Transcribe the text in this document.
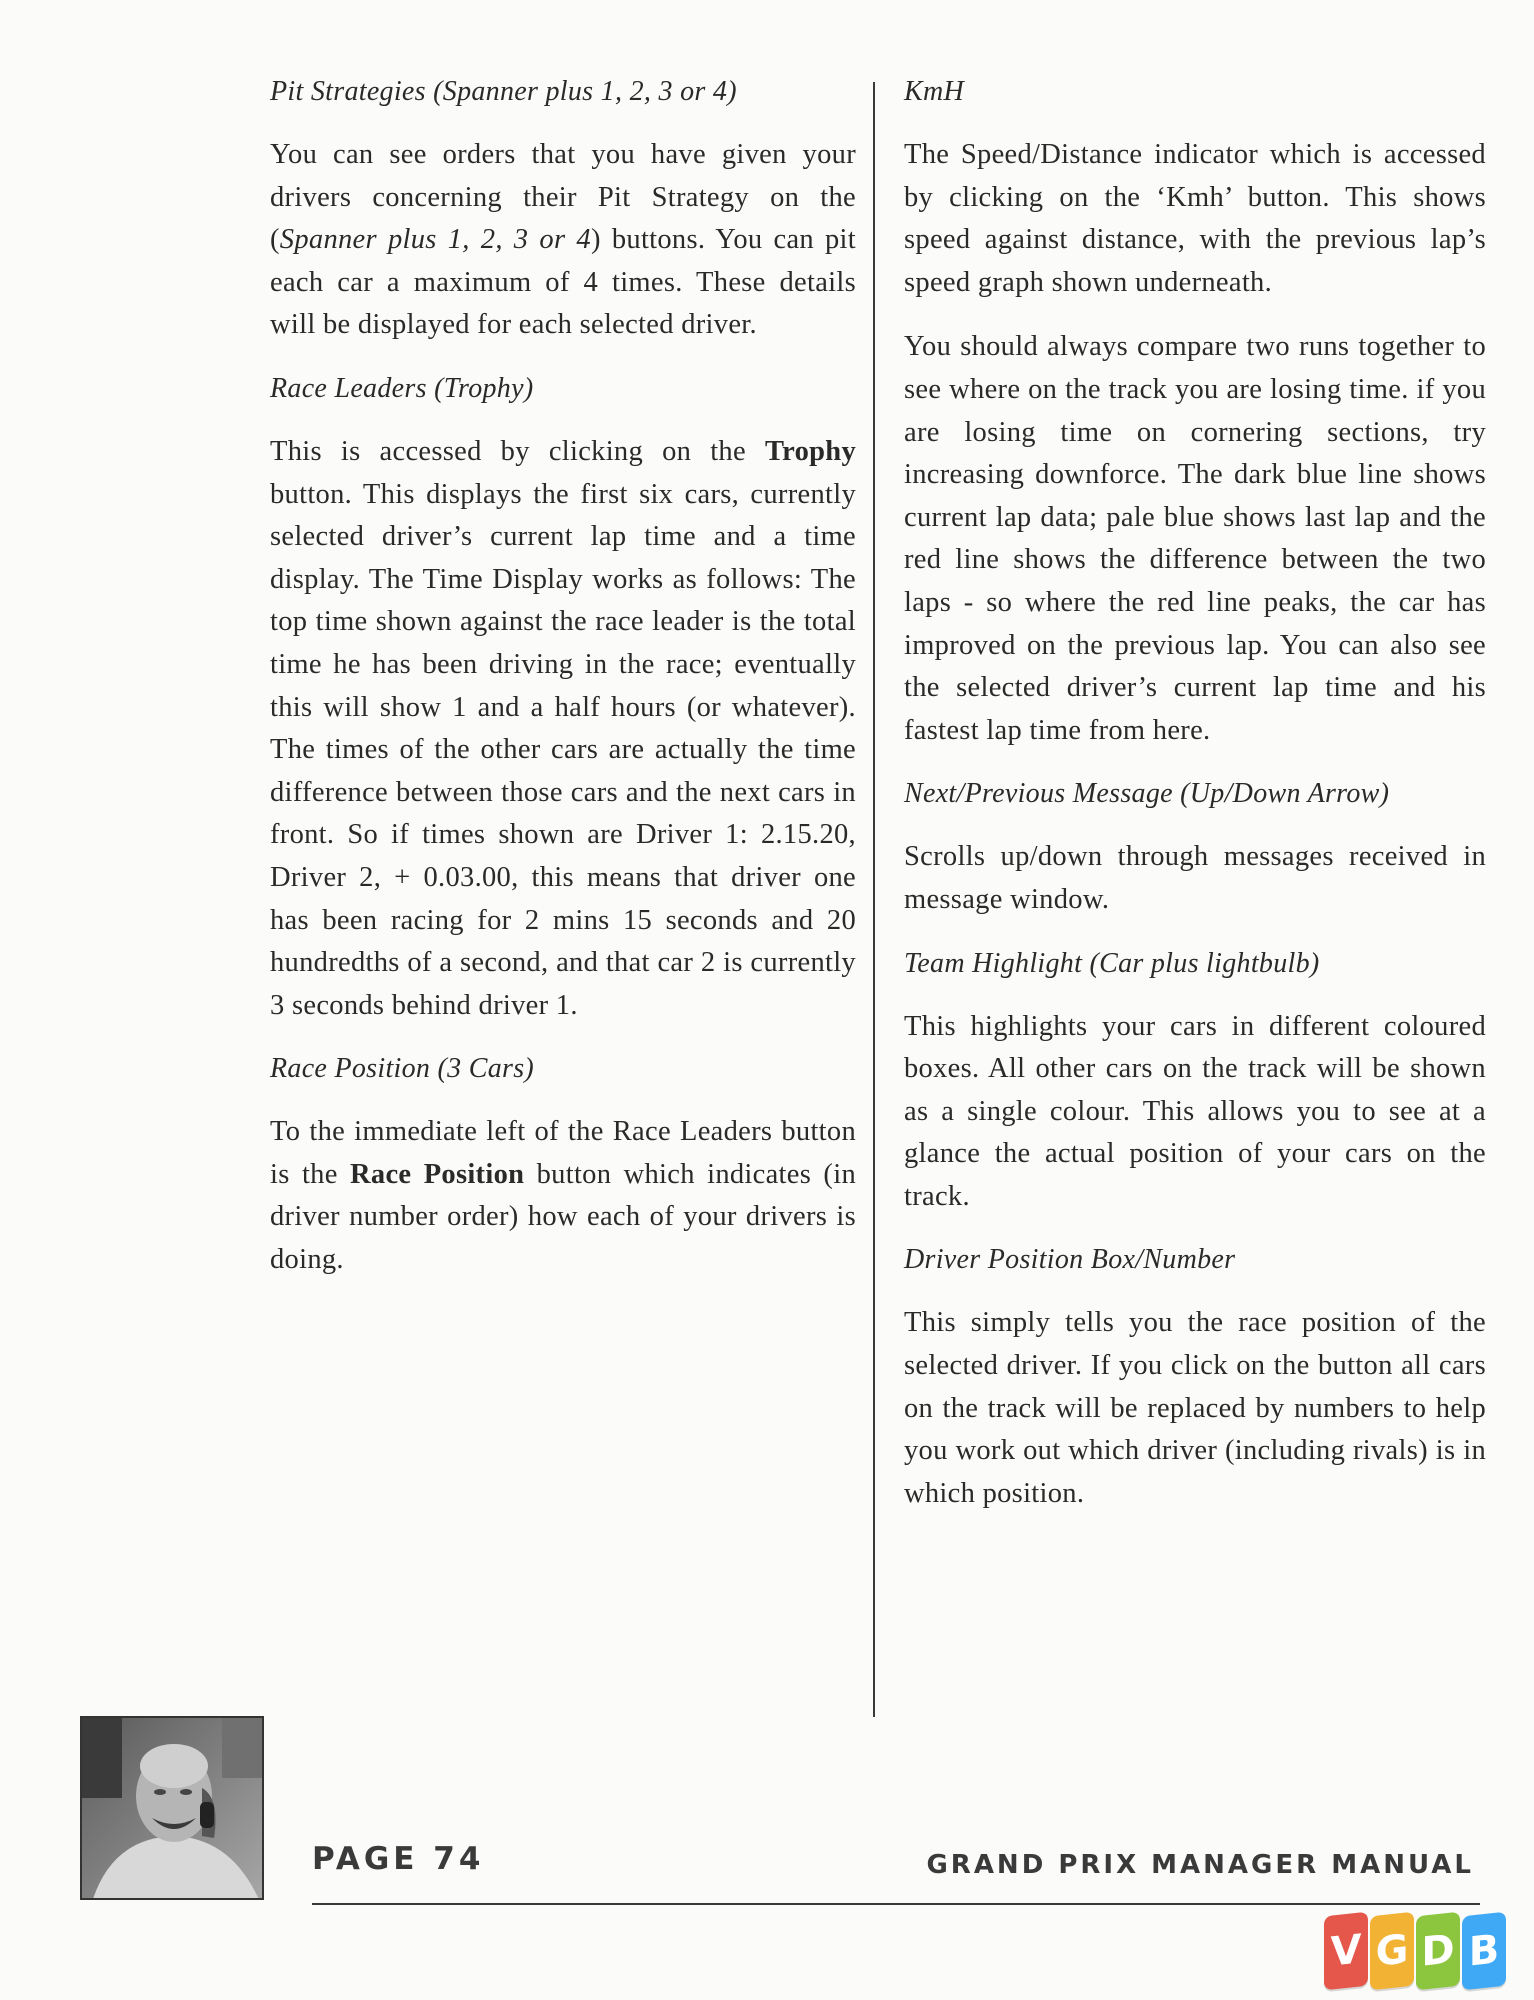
Pit Strategies (Spanner plus 1, 2, 3 or 4)

You can see orders that you have given your drivers concerning their Pit Strategy on the (Spanner plus 1, 2, 3 or 4) buttons. You can pit each car a maximum of 4 times. These details will be displayed for each selected driver.

Race Leaders (Trophy)

This is accessed by clicking on the Trophy button. This displays the first six cars, currently selected driver’s current lap time and a time display. The Time Display works as follows: The top time shown against the race leader is the total time he has been driving in the race; eventually this will show 1 and a half hours (or whatever). The times of the other cars are actually the time difference between those cars and the next cars in front. So if times shown are Driver 1: 2.15.20, Driver 2, + 0.03.00, this means that driver one has been racing for 2 mins 15 seconds and 20 hundredths of a second, and that car 2 is currently 3 seconds behind driver 1.

Race Position (3 Cars)

To the immediate left of the Race Leaders button is the Race Position button which indicates (in driver number order) how each of your drivers is doing.

KmH

The Speed/Distance indicator which is accessed by clicking on the ‘Kmh’ button. This shows speed against distance, with the previous lap’s speed graph shown underneath.

You should always compare two runs together to see where on the track you are losing time. if you are losing time on cornering sections, try increasing downforce. The dark blue line shows current lap data; pale blue shows last lap and the red line shows the difference between the two laps - so where the red line peaks, the car has improved on the previous lap. You can also see the selected driver’s current lap time and his fastest lap time from here.

Next/Previous Message (Up/Down Arrow)

Scrolls up/down through messages received in message window.

Team Highlight (Car plus lightbulb)

This highlights your cars in different coloured boxes. All other cars on the track will be shown as a single colour. This allows you to see at a glance the actual position of your cars on the track.

Driver Position Box/Number

This simply tells you the race position of the selected driver. If you click on the button all cars on the track will be replaced by numbers to help you work out which driver (including rivals) is in which position.

PAGE 74	GRAND PRIX MANAGER MANUAL
V G D B
